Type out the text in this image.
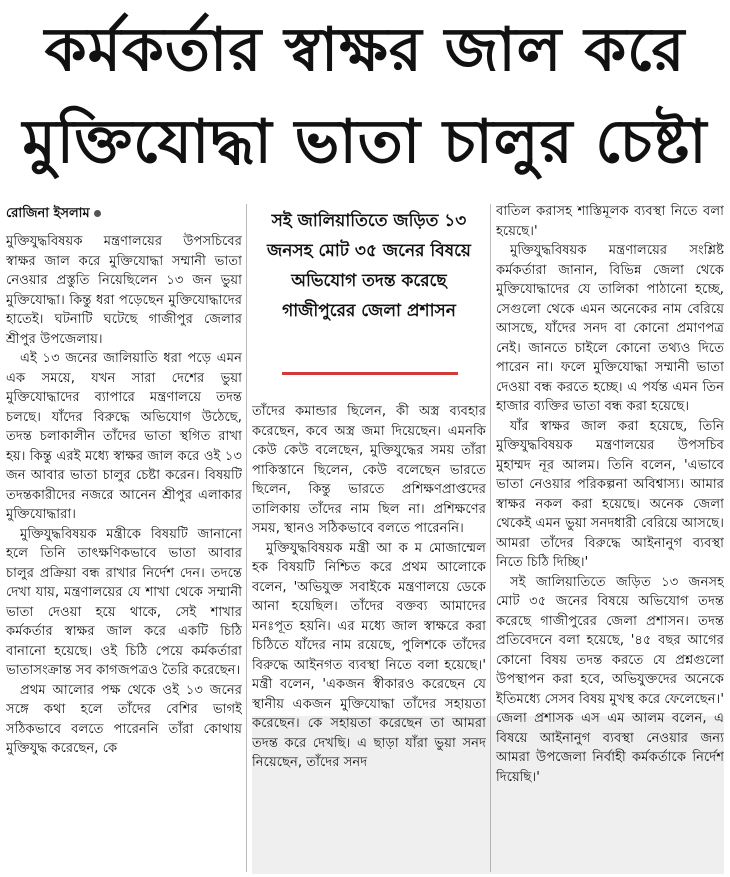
কর্মকর্তার স্বাক্ষর জাল করে
মুক্তিযোদ্ধা ভাতা চালুর চেষ্টা
রোজিনা ইসলাম

মুক্তিযুদ্ধবিষয়ক মন্ত্রণালয়ের উপসচিবের স্বাক্ষর জাল করে মুক্তিযোদ্ধা সম্মানী ভাতা নেওয়ার প্রস্তুতি নিয়েছিলেন ১৩ জন ভুয়া মুক্তিযোদ্ধা। কিন্তু ধরা পড়েছেন মুক্তিযোদ্ধাদের হাতেই। ঘটনাটি ঘটেছে গাজীপুর জেলার শ্রীপুর উপজেলায়।

এই ১৩ জনের জালিয়াতি ধরা পড়ে এমন এক সময়ে, যখন সারা দেশের ভুয়া মুক্তিযোদ্ধাদের ব্যাপারে মন্ত্রণালয়ে তদন্ত চলছে। যাঁদের বিরুদ্ধে অভিযোগ উঠেছে, তদন্ত চলাকালীন তাঁদের ভাতা স্থগিত রাখা হয়। কিন্তু এরই মধ্যে স্বাক্ষর জাল করে ওই ১৩ জন আবার ভাতা চালুর চেষ্টা করেন। বিষয়টি তদন্তকারীদের নজরে আনেন শ্রীপুর এলাকার মুক্তিযোদ্ধারা।

মুক্তিযুদ্ধবিষয়ক মন্ত্রীকে বিষয়টি জানানো হলে তিনি তাৎক্ষণিকভাবে ভাতা আবার চালুর প্রক্রিয়া বন্ধ রাখার নির্দেশ দেন। তদন্তে দেখা যায়, মন্ত্রণালয়ের যে শাখা থেকে সম্মানী ভাতা দেওয়া হয়ে থাকে, সেই শাখার কর্মকর্তার স্বাক্ষর জাল করে একটি চিঠি বানানো হয়েছে। ওই চিঠি পেয়ে কর্মকর্তারা ভাতাসংক্রান্ত সব কাগজপত্রও তৈরি করেছেন।

প্রথম আলোর পক্ষ থেকে ওই ১৩ জনের সঙ্গে কথা হলে তাঁদের বেশির ভাগই সঠিকভাবে বলতে পারেননি তাঁরা কোথায় মুক্তিযুদ্ধ করেছেন, কে

সই জালিয়াতিতে জড়িত ১৩ জনসহ মোট ৩৫ জনের বিষয়ে অভিযোগ তদন্ত করেছে গাজীপুরের জেলা প্রশাসন

তাঁদের কমান্ডার ছিলেন, কী অস্ত্র ব্যবহার করেছেন, কবে অস্ত্র জমা দিয়েছেন। এমনকি কেউ কেউ বলেছেন, মুক্তিযুদ্ধের সময় তাঁরা পাকিস্তানে ছিলেন, কেউ বলেছেন ভারতে ছিলেন, কিন্তু ভারতে প্রশিক্ষণপ্রাপ্তদের তালিকায় তাঁদের নাম ছিল না। প্রশিক্ষণের সময়, স্থানও সঠিকভাবে বলতে পারেননি।

মুক্তিযুদ্ধবিষয়ক মন্ত্রী আ ক ম মোজাম্মেল হক বিষয়টি নিশ্চিত করে প্রথম আলোকে বলেন, 'অভিযুক্ত সবাইকে মন্ত্রণালয়ে ডেকে আনা হয়েছিল। তাঁদের বক্তব্য আমাদের মনঃপূত হয়নি। এর মধ্যে জাল স্বাক্ষরে করা চিঠিতে যাঁদের নাম রয়েছে, পুলিশকে তাঁদের বিরুদ্ধে আইনগত ব্যবস্থা নিতে বলা হয়েছে।' মন্ত্রী বলেন, 'একজন স্বীকারও করেছেন যে স্থানীয় একজন মুক্তিযোদ্ধা তাঁদের সহায়তা করেছেন। কে সহায়তা করেছেন তা আমরা তদন্ত করে দেখছি। এ ছাড়া যাঁরা ভুয়া সনদ নিয়েছেন, তাঁদের সনদ

বাতিল করাসহ শাস্তিমূলক ব্যবস্থা নিতে বলা হয়েছে।'

মুক্তিযুদ্ধবিষয়ক মন্ত্রণালয়ের সংশ্লিষ্ট কর্মকর্তারা জানান, বিভিন্ন জেলা থেকে মুক্তিযোদ্ধাদের যে তালিকা পাঠানো হচ্ছে, সেগুলো থেকে এমন অনেকের নাম বেরিয়ে আসছে, যাঁদের সনদ বা কোনো প্রমাণপত্র নেই। জানতে চাইলে কোনো তথ্যও দিতে পারেন না। ফলে মুক্তিযোদ্ধা সম্মানী ভাতা দেওয়া বন্ধ করতে হচ্ছে। এ পর্যন্ত এমন তিন হাজার ব্যক্তির ভাতা বন্ধ করা হয়েছে।

যাঁর স্বাক্ষর জাল করা হয়েছে, তিনি মুক্তিযুদ্ধবিষয়ক মন্ত্রণালয়ের উপসচিব মুহাম্মদ নূর আলম। তিনি বলেন, 'এভাবে ভাতা নেওয়ার পরিকল্পনা অবিশ্বাস্য। আমার স্বাক্ষর নকল করা হয়েছে। অনেক জেলা থেকেই এমন ভুয়া সনদধারী বেরিয়ে আসছে। আমরা তাঁদের বিরুদ্ধে আইনানুগ ব্যবস্থা নিতে চিঠি দিচ্ছি।'

সই জালিয়াতিতে জড়িত ১৩ জনসহ মোট ৩৫ জনের বিষয়ে অভিযোগ তদন্ত করেছে গাজীপুরের জেলা প্রশাসন। তদন্ত প্রতিবেদনে বলা হয়েছে, '৪৫ বছর আগের কোনো বিষয় তদন্ত করতে যে প্রশ্নগুলো উপস্থাপন করা হবে, অভিযুক্তদের অনেকে ইতিমধ্যে সেসব বিষয় মুখস্থ করে ফেলেছেন।' জেলা প্রশাসক এস এম আলম বলেন, এ বিষয়ে আইনানুগ ব্যবস্থা নেওয়ার জন্য আমরা উপজেলা নির্বাহী কর্মকর্তাকে নির্দেশ দিয়েছি।'
